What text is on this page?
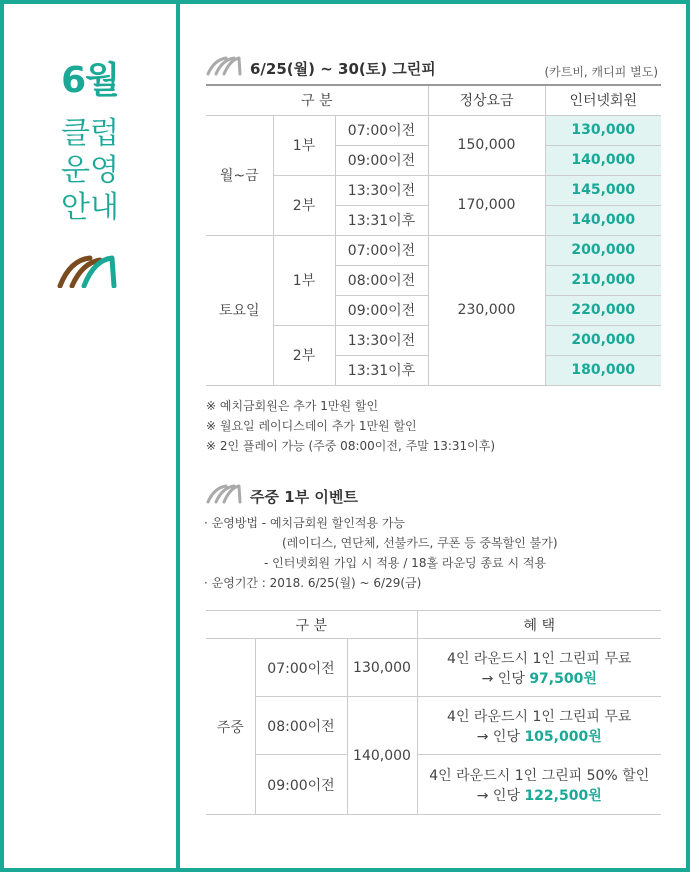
6월
클럽
운영
안내
6/25(월) ~ 30(토) 그린피	(카트비, 캐디피 별도)
구 분			정상요금	인터넷회원
월~금	1부	07:00이전	150,000	130,000
		09:00이전		140,000
	2부	13:30이전	170,000	145,000
		13:31이후		140,000
토요일	1부	07:00이전	230,000	200,000
		08:00이전		210,000
		09:00이전		220,000
	2부	13:30이전		200,000
		13:31이후		180,000
※ 예치금회원은 추가 1만원 할인
※ 월요일 레이디스데이 추가 1만원 할인
※ 2인 플레이 가능 (주중 08:00이전, 주말 13:31이후)
주중 1부 이벤트
· 운영방법 - 예치금회원 할인적용 가능
(레이디스, 연단체, 선불카드, 쿠폰 등 중복할인 불가)
- 인터넷회원 가입 시 적용 / 18홀 라운딩 종료 시 적용
· 운영기간 : 2018. 6/25(월) ~ 6/29(금)
구 분			혜 택
주중	07:00이전	130,000	4인 라운드시 1인 그린피 무료
→ 인당 97,500원
	08:00이전	140,000	4인 라운드시 1인 그린피 무료
→ 인당 105,000원
	09:00이전		4인 라운드시 1인 그린피 50% 할인
→ 인당 122,500원
